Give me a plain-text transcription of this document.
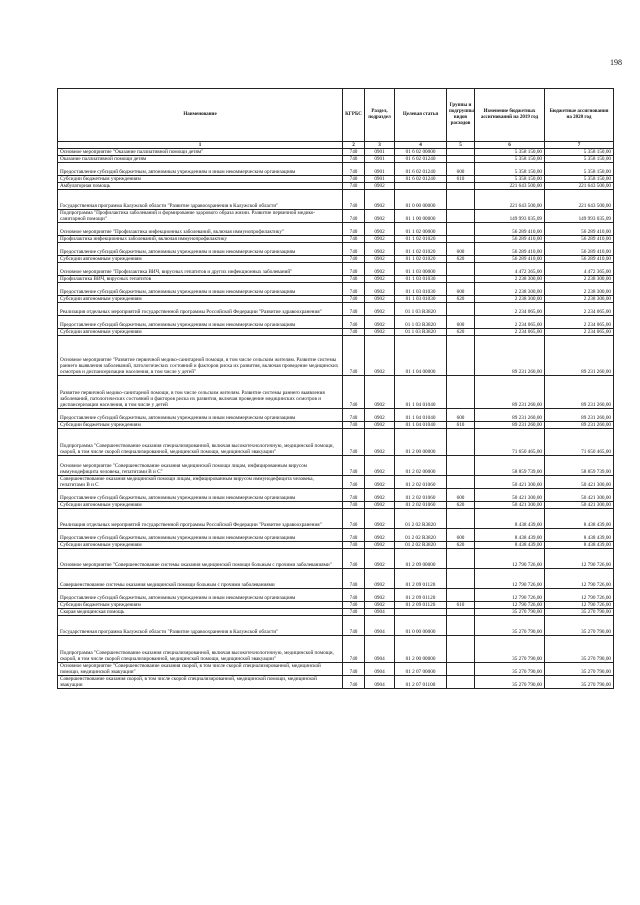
198
Наименование	КГРБС	Раздел, подраздел	Целевая статья	Группы и подгруппы видов расходов	Изменение бюджетных ассигнований на 2019 год	Бюджетные ассигнования на 2020 год
1	2	3	4	5	6	7
Основное мероприятие "Оказание паллиативной помощи детям"	740	0901	01 6 02 00000		5 358 150,00	5 358 150,00
Оказание паллиативной помощи детям	740	0901	01 6 02 01240		5 358 150,00	5 358 150,00
Предоставление субсидий бюджетным, автономным учреждениям и иным некоммерческим организациям	740	0901	01 6 02 01240	600	5 358 150,00	5 358 150,00
Субсидии бюджетным учреждениям	740	0901	01 6 02 01240	610	5 358 150,00	5 358 150,00
Амбулаторная помощь	740	0902			221 643 500,00	221 643 500,00
Государственная программа Калужской области "Развитие здравоохранения в Калужской области"	740	0902	01 0 00 00000		221 643 500,00	221 643 500,00
Подпрограмма "Профилактика заболеваний и формирование здорового образа жизни. Развитие первичной медико-санитарной помощи"	740	0902	01 1 00 00000		149 993 035,09	149 993 035,09
Основное мероприятие "Профилактика инфекционных заболеваний, включая иммунопрофилактику"	740	0902	01 1 02 00000		56 289 410,00	56 289 410,00
Профилактика инфекционных заболеваний, включая иммунопрофилактику	740	0902	01 1 02 01020		56 289 410,00	56 289 410,00
Предоставление субсидий бюджетным, автономным учреждениям и иным некоммерческим организациям	740	0902	01 1 02 01020	600	56 289 410,00	56 289 410,00
Субсидии автономным учреждениям	740	0902	01 1 02 01020	620	56 289 410,00	56 289 410,00
Основное мероприятие "Профилактика ВИЧ, вирусных гепатитов и других инфекционных заболеваний"	740	0902	01 1 03 00000		4 472 365,00	4 472 365,00
Профилактика ВИЧ, вирусных гепатитов	740	0902	01 1 03 01030		2 238 300,00	2 238 300,00
Предоставление субсидий бюджетным, автономным учреждениям и иным некоммерческим организациям	740	0902	01 1 03 01030	600	2 238 300,00	2 238 300,00
Субсидии автономным учреждениям	740	0902	01 1 03 01030	620	2 238 300,00	2 238 300,00
Реализация отдельных мероприятий государственной программы Российской Федерации "Развитие здравоохранения"	740	0902	01 1 03 R3820		2 234 065,00	2 234 065,00
Предоставление субсидий бюджетным, автономным учреждениям и иным некоммерческим организациям	740	0902	01 1 03 R3820	600	2 234 065,00	2 234 065,00
Субсидии автономным учреждениям	740	0902	01 1 03 R3820	620	2 234 065,00	2 234 065,00
Основное мероприятие "Развитие первичной медико-санитарной помощи, в том числе сельским жителям. Развитие системы раннего выявления заболеваний, патологических состояний и факторов риска их развития, включая проведение медицинских осмотров и диспансеризации населения, в том числе у детей"	740	0902	01 1 04 00000		89 231 260,00	89 231 260,00
Развитие первичной медико-санитарной помощи, в том числе сельским жителям. Развитие системы раннего выявления заболеваний, патологических состояний и факторов риска их развития, включая проведение медицинских осмотров и диспансеризации населения, в том числе у детей	740	0902	01 1 04 01040		89 231 260,00	89 231 260,00
Предоставление субсидий бюджетным, автономным учреждениям и иным некоммерческим организациям	740	0902	01 1 04 01040	600	89 231 260,00	89 231 260,00
Субсидии бюджетным учреждениям	740	0902	01 1 04 01040	610	89 231 260,00	89 231 260,00
Подпрограмма "Совершенствование оказания специализированной, включая высокотехнологичную, медицинской помощи, скорой, в том числе скорой специализированной, медицинской помощи, медицинской эвакуации"	740	0902	01 2 00 00000		71 650 465,00	71 650 465,00
Основное мероприятие "Совершенствование оказания медицинской помощи лицам, инфицированным вирусом иммунодефицита человека, гепатитами В и С"	740	0902	01 2 02 00000		58 859 739,00	58 859 739,00
Совершенствование оказания медицинской помощи лицам, инфицированным вирусом иммунодефицита человека, гепатитами В и С	740	0902	01 2 02 01060		50 421 300,00	50 421 300,00
Предоставление субсидий бюджетным, автономным учреждениям и иным некоммерческим организациям	740	0902	01 2 02 01060	600	50 421 300,00	50 421 300,00
Субсидии автономным учреждениям	740	0902	01 2 02 01060	620	50 421 300,00	50 421 300,00
Реализация отдельных мероприятий государственной программы Российской Федерации "Развитие здравоохранения"	740	0902	01 2 02 R3820		8 438 439,00	8 438 439,00
Предоставление субсидий бюджетным, автономным учреждениям и иным некоммерческим организациям	740	0902	01 2 02 R3820	600	8 438 439,00	8 438 439,00
Субсидии автономным учреждениям	740	0902	01 2 02 R3820	620	8 438 439,00	8 438 439,00
Основное мероприятие "Совершенствование системы оказания медицинской помощи больным с прочими заболеваниями"	740	0902	01 2 09 00000		12 790 726,00	12 790 726,00
Совершенствование системы оказания медицинской помощи больным с прочими заболеваниями	740	0902	01 2 09 01120		12 790 726,00	12 790 726,00
Предоставление субсидий бюджетным, автономным учреждениям и иным некоммерческим организациям	740	0902	01 2 09 01120		12 790 726,00	12 790 726,00
Субсидии бюджетным учреждениям	740	0902	01 2 09 01120	610	12 790 726,00	12 790 726,00
Скорая медицинская помощь	740	0904			35 270 790,00	35 270 790,00
Государственная программа Калужской области "Развитие здравоохранения в Калужской области"	740	0904	01 0 00 00000		35 270 790,00	35 270 790,00
Подпрограмма "Совершенствование оказания специализированной, включая высокотехнологичную, медицинской помощи, скорой, в том числе скорой специализированной, медицинской помощи, медицинской эвакуации"	740	0904	01 2 00 00000		35 270 790,00	35 270 790,00
Основное мероприятие "Совершенствование оказания скорой, в том числе скорой специализированной, медицинской помощи, медицинской эвакуации"	740	0904	01 2 07 00000		35 270 790,00	35 270 790,00
Совершенствование оказания скорой, в том числе скорой специализированной, медицинской помощи, медицинской эвакуации	740	0904	01 2 07 01100		35 270 790,00	35 270 790,00
